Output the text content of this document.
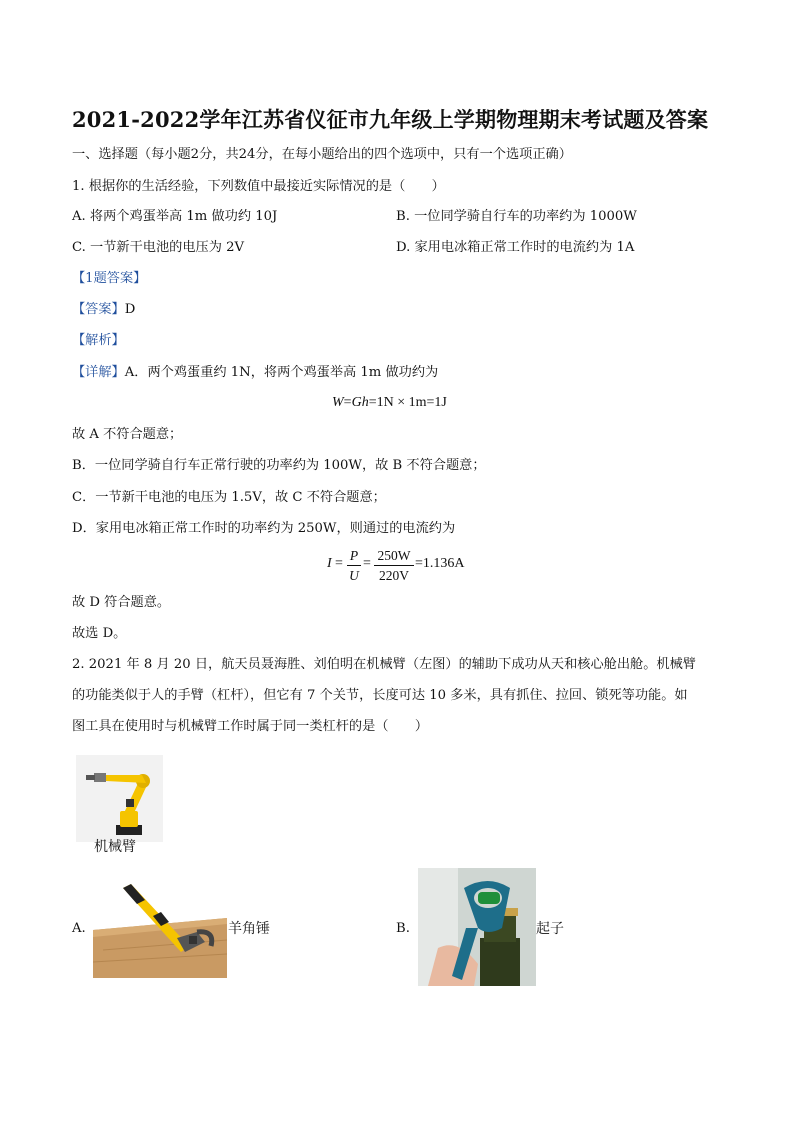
2021-2022学年江苏省仪征市九年级上学期物理期末考试题及答案
一、选择题（每小题2分，共24分，在每小题给出的四个选项中，只有一个选项正确）
1. 根据你的生活经验，下列数值中最接近实际情况的是（　　）
A. 将两个鸡蛋举高 1m 做功约 10J	B. 一位同学骑自行车的功率约为 1000W
C. 一节新干电池的电压为 2V	D. 家用电冰箱正常工作时的电流约为 1A
【1题答案】
【答案】D
【解析】
【详解】A．两个鸡蛋重约 1N，将两个鸡蛋举高 1m 做功约为
W=Gh=1N × 1m=1J
故 A 不符合题意；
B．一位同学骑自行车正常行驶的功率约为 100W，故 B 不符合题意；
C．一节新干电池的电压为 1.5V，故 C 不符合题意；
D．家用电冰箱正常工作时的功率约为 250W，则通过的电流约为
I =
P
U
=
250W
220V
=1.136A
故 D 符合题意。
故选 D。
2. 2021 年 8 月 20 日，航天员聂海胜、刘伯明在机械臂（左图）的辅助下成功从天和核心舱出舱。机械臂
的功能类似于人的手臂（杠杆），但它有 7 个关节，长度可达 10 多米，具有抓住、拉回、锁死等功能。如
图工具在使用时与机械臂工作时属于同一类杠杆的是（　　）
机械臂
A.	羊角锤	B.	起子
